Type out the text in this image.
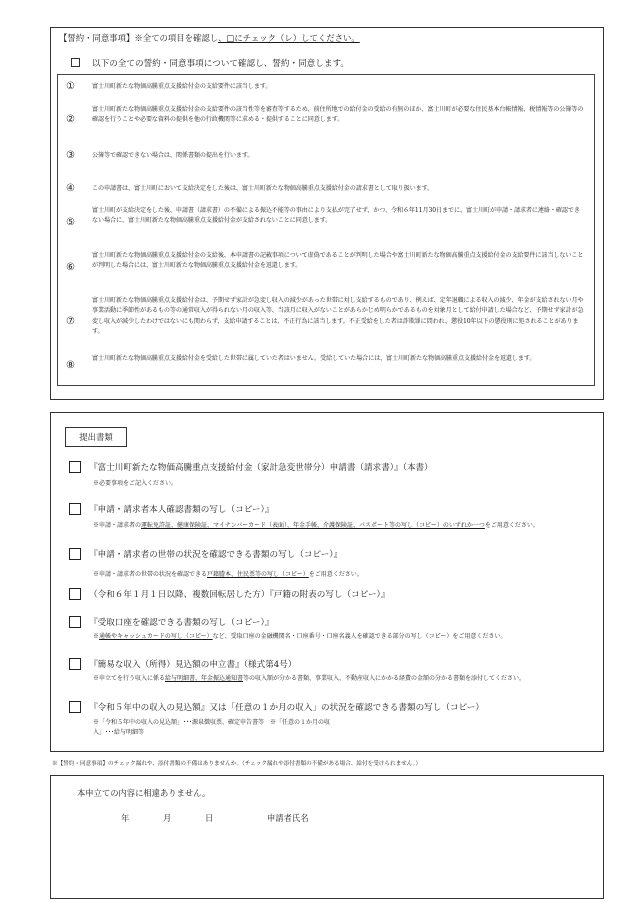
【誓約・同意事項】※全ての項目を確認し、□にチェック（レ）してください。
以下の全ての誓約・同意事項について確認し、誓約・同意します。
①	富士川町新たな物価高騰重点支援給付金の支給要件に該当します。
②
富士川町新たな物価高騰重点支援給付金の支給要件の該当性等を審査等するため、前住所地での給付金の受給の有無のほか、富士川町が必要な住民基本台帳情報、税情報等の公簿等の確認を行うことや必要な資料の提供を他の行政機関等に求める・提供することに同意します。
③	公簿等で確認できない場合は、関係書類の提出を行います。
④	この申請書は、富士川町において支給決定をした後は、富士川町新たな物価高騰重点支援給付金の請求書として取り扱います。
⑤
富士川町が支給決定をした後、申請書（請求書）の不備による振込不能等の事由により支払が完了せず、かつ、令和６年11月30日までに、富士川町が申請・請求者に連絡・確認できない場合に、富士川町新たな物価高騰重点支援給付金が支給されないことに同意します。
⑥
富士川町新たな物価高騰重点支援給付金の支給後、本申請書の記載事項について虚偽であることが判明した場合や富士川町新たな物価高騰重点支援給付金の支給要件に該当しないことが判明した場合には、富士川町新たな物価高騰重点支援給付金を返還します。
⑦
富士川町新たな物価高騰重点支援給付金は、予期せず家計が急変し収入の減少があった世帯に対し支給するものであり、例えば、定年退職による収入の減少、年金が支給されない月や事業活動に季節性があるもの等の通常収入が得られない月の収入等、当該月に収入がないことがあらかじめ明らかであるものを対象月として給付申請した場合など、予期せず家計が急変し収入が減少したわけではないにも関わらず、支給申請することは、不正行為に該当します。不正受給をした者は詐欺罪に問われ、懲役10年以下の懲役刑に処されることがあります。
⑧
富士川町新たな物価高騰重点支援給付金を受給した世帯に属していた者はいません。受給していた場合には、富士川町新たな物価高騰重点支援給付金を返還します。
提出書類
『富士川町新たな物価高騰重点支援給付金（家計急変世帯分）申請書（請求書）』（本書）
※必要事項をご記入ください。
『申請・請求者本人確認書類の写し（コピー）』
※申請・請求者の運転免許証、健康保険証、マイナンバーカード（表面）、年金手帳、介護保険証、パスポート等の写し（コピー）のいずれか一つをご用意ください。
『申請・請求者の世帯の状況を確認できる書類の写し（コピー）』
※申請・請求者の世帯の状況を確認できる戸籍謄本、住民票等の写し（コピー）をご用意ください。
（令和６年１月１日以降、複数回転居した方）『戸籍の附表の写し（コピー）』
『受取口座を確認できる書類の写し（コピー）』
※通帳やキャッシュカードの写し（コピー）など、受取口座の金融機関名・口座番号・口座名義人を確認できる部分の写し（コピー）をご用意ください。
『簡易な収入（所得）見込額の申立書』（様式第4号）
※申立てを行う収入に係る給与明細書、年金振込通知書等の収入額が分かる書類、事業収入、不動産収入にかかる経費の金額の分かる書類を添付してください。
『令和５年中の収入の見込額』又は「任意の１か月の収入」の状況を確認できる書類の写し（コピー）
※「令和５年中の収入の見込額」･･･源泉徴収票、確定申告書等　※「任意の１か月の収入」･･･給与明細等
※【誓約・同意事項】のチェック漏れや、添付書類の不備はありませんか。（チェック漏れや添付書類の不備がある場合、給付を受けられません。）
本申立ての内容に相違ありません。
年	月	日	申請者氏名
